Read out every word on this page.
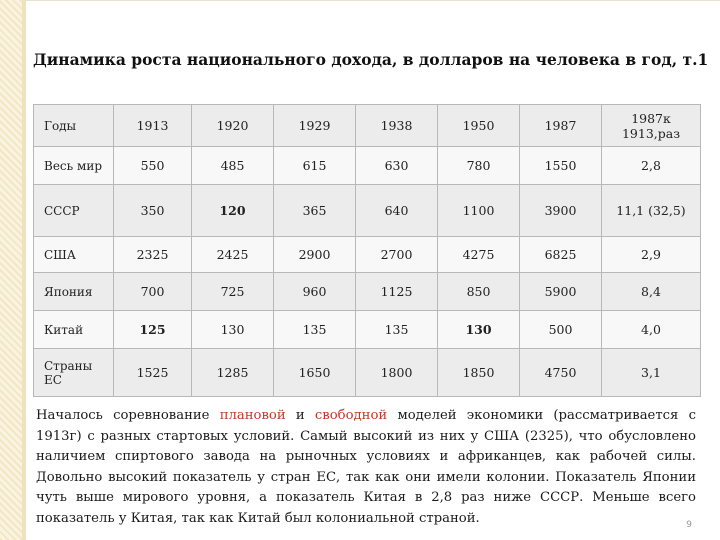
Динамика роста национального дохода, в долларов на человека в год, т.1
Годы	1913	1920	1929	1938	1950	1987	1987к 1913,раз
Весь мир	550	485	615	630	780	1550	2,8
СССР	350	120	365	640	1100	3900	11,1 (32,5)
США	2325	2425	2900	2700	4275	6825	2,9
Япония	700	725	960	1125	850	5900	8,4
Китай	125	130	135	135	130	500	4,0
Страны ЕС	1525	1285	1650	1800	1850	4750	3,1
Началось соревнование плановой и свободной моделей экономики (рассматривается с 1913г) с разных стартовых условий. Самый высокий из них у США (2325), что обусловлено наличием спиртового завода на рыночных условиях и африканцев, как рабочей силы. Довольно высокий показатель у стран ЕС, так как они имели колонии. Показатель Японии чуть выше мирового уровня, а показатель Китая в 2,8 раз ниже СССР. Меньше всего показатель у Китая, так как Китай был колониальной страной.	9
